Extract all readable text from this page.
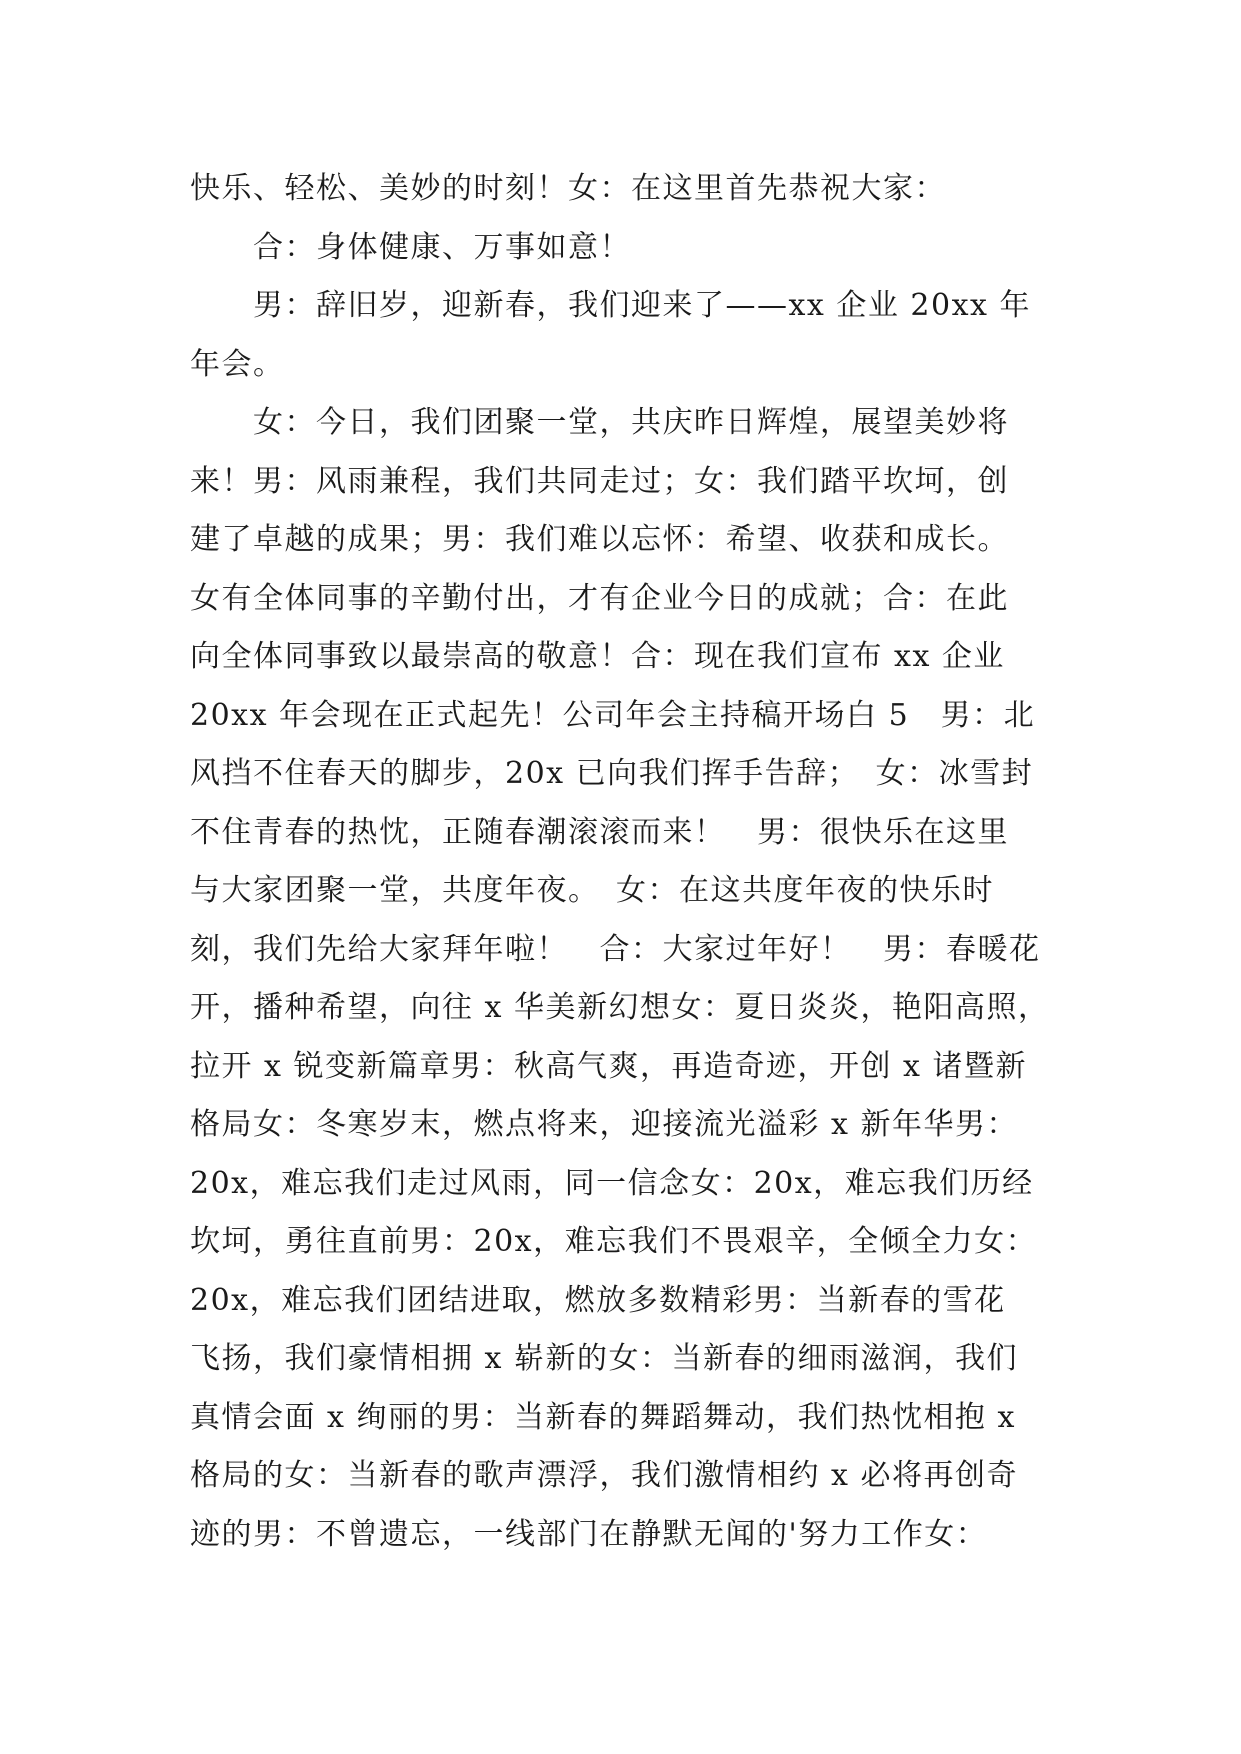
快乐、轻松、美妙的时刻！女：在这里首先恭祝大家：
　　合：身体健康、万事如意！
　　男：辞旧岁，迎新春，我们迎来了——xx 企业 20xx 年
年会。
　　女：今日，我们团聚一堂，共庆昨日辉煌，展望美妙将
来！男：风雨兼程，我们共同走过；女：我们踏平坎坷，创
建了卓越的成果；男：我们难以忘怀：希望、收获和成长。
女有全体同事的辛勤付出，才有企业今日的成就；合：在此
向全体同事致以最崇高的敬意！合：现在我们宣布 xx 企业
20xx 年会现在正式起先！公司年会主持稿开场白 5　男：北
风挡不住春天的脚步，20x 已向我们挥手告辞；　女：冰雪封
不住青春的热忱，正随春潮滚滚而来！　男：很快乐在这里
与大家团聚一堂，共度年夜。　女：在这共度年夜的快乐时
刻，我们先给大家拜年啦！　合：大家过年好！　男：春暖花
开，播种希望，向往 x 华美新幻想女：夏日炎炎，艳阳高照，
拉开 x 锐变新篇章男：秋高气爽，再造奇迹，开创 x 诸暨新
格局女：冬寒岁末，燃点将来，迎接流光溢彩 x 新年华男：
20x，难忘我们走过风雨，同一信念女：20x，难忘我们历经
坎坷，勇往直前男：20x，难忘我们不畏艰辛，全倾全力女：
20x，难忘我们团结进取，燃放多数精彩男：当新春的雪花
飞扬，我们豪情相拥 x 崭新的女：当新春的细雨滋润，我们
真情会面 x 绚丽的男：当新春的舞蹈舞动，我们热忱相抱 x
格局的女：当新春的歌声漂浮，我们激情相约 x 必将再创奇
迹的男：不曾遗忘，一线部门在静默无闻的'努力工作女：
